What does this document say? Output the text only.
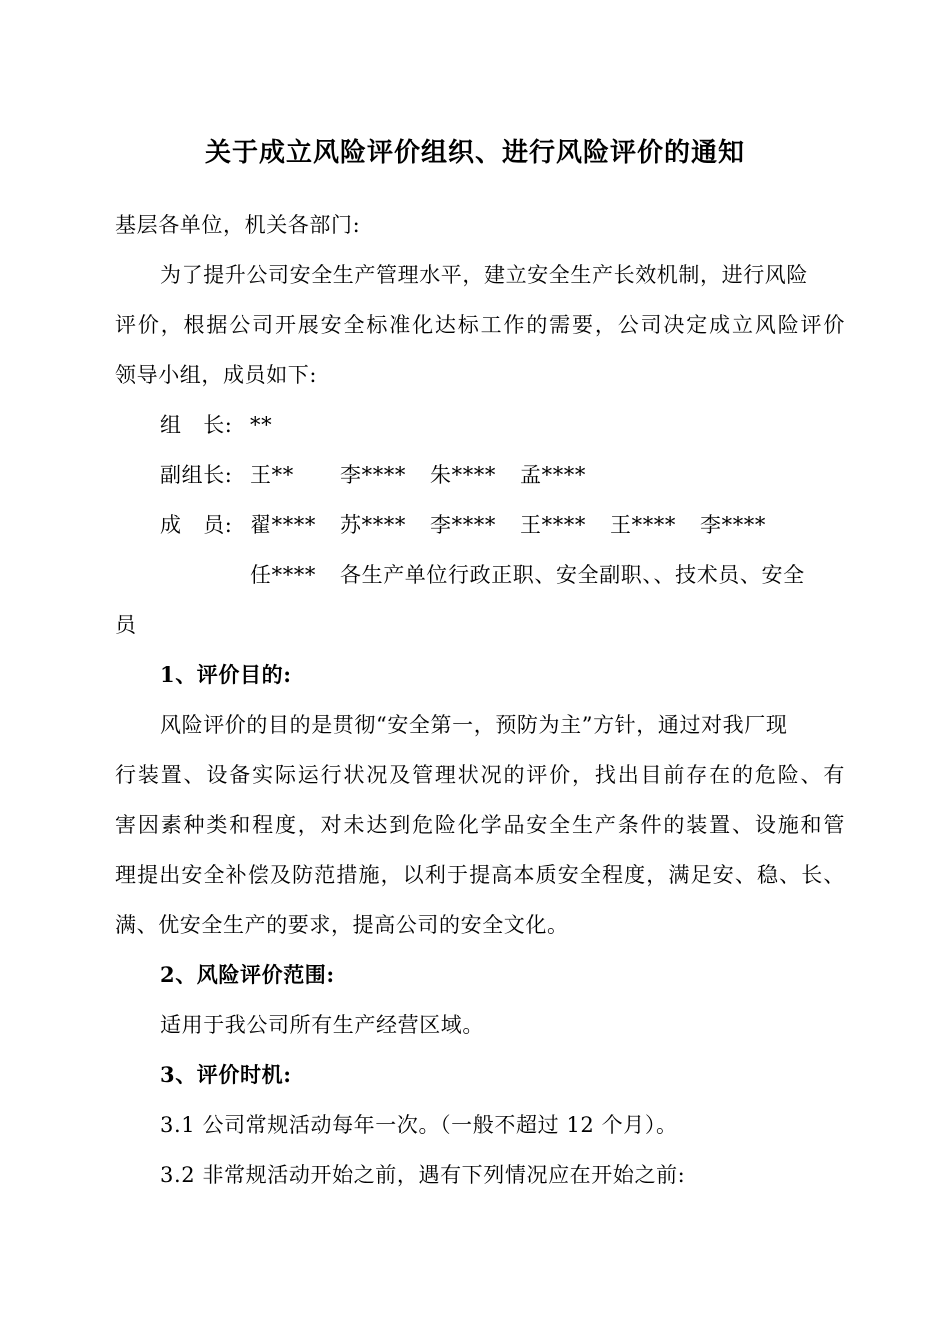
关于成立风险评价组织、进行风险评价的通知
基层各单位，机关各部门:
为了提升公司安全生产管理水平，建立安全生产长效机制，进行风险
评价，根据公司开展安全标准化达标工作的需要，公司决定成立风险评价
领导小组，成员如下:
组　长: **
副组长: 王** 李**** 朱**** 孟****
成　员: 翟**** 苏**** 李**** 王**** 王**** 李****
任**** 各生产单位行政正职、安全副职、、技术员、安全
员
1、评价目的:
风险评价的目的是贯彻“安全第一，预防为主”方针，通过对我厂现
行装置、设备实际运行状况及管理状况的评价，找出目前存在的危险、有
害因素种类和程度，对未达到危险化学品安全生产条件的装置、设施和管
理提出安全补偿及防范措施，以利于提高本质安全程度，满足安、稳、长、
满、优安全生产的要求，提高公司的安全文化。
2、风险评价范围:
适用于我公司所有生产经营区域。
3、评价时机:
3.1 公司常规活动每年一次。（一般不超过 12 个月）。
3.2 非常规活动开始之前，遇有下列情况应在开始之前:
